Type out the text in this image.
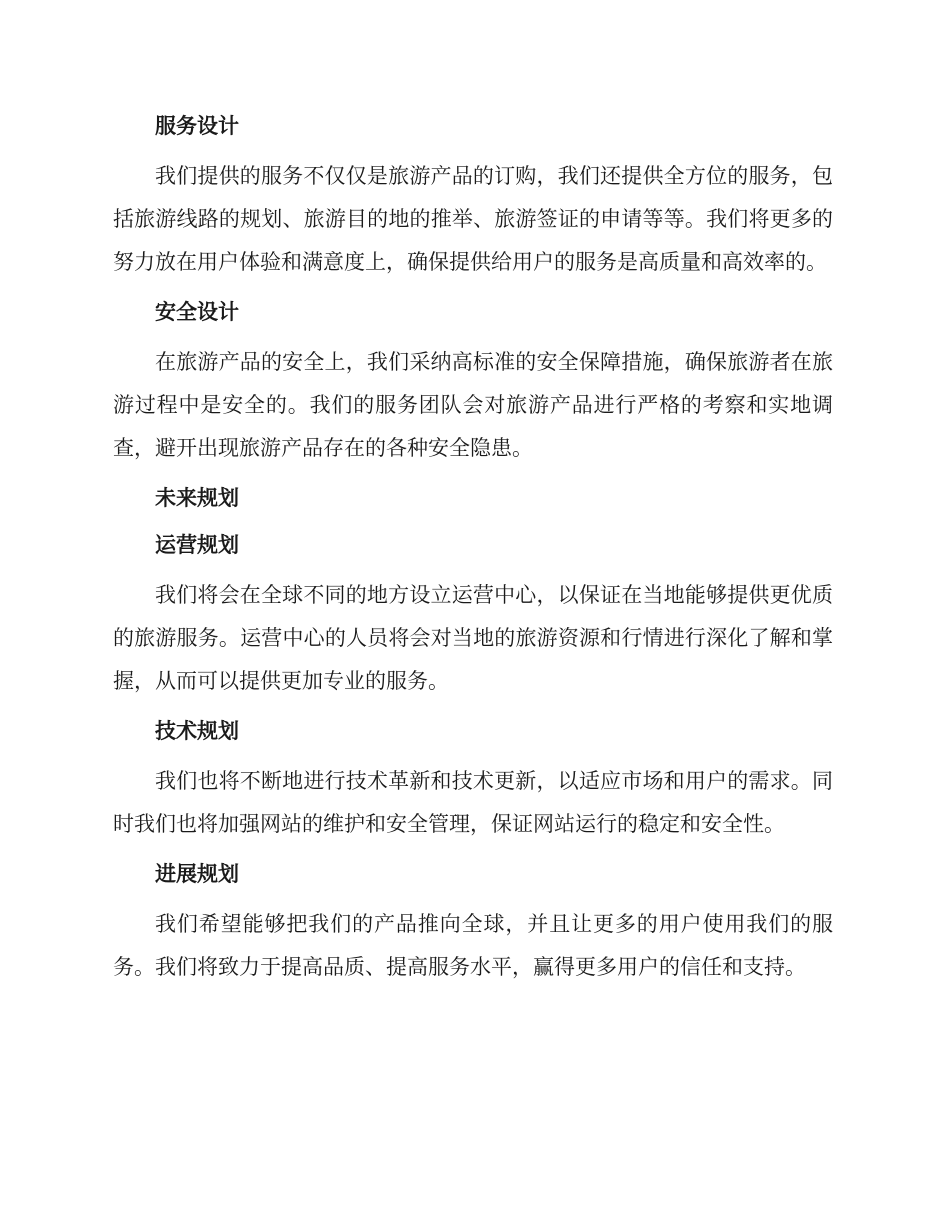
服务设计

我们提供的服务不仅仅是旅游产品的订购，我们还提供全方位的服务，包括旅游线路的规划、旅游目的地的推举、旅游签证的申请等等。我们将更多的努力放在用户体验和满意度上，确保提供给用户的服务是高质量和高效率的。

安全设计

在旅游产品的安全上，我们采纳高标准的安全保障措施，确保旅游者在旅游过程中是安全的。我们的服务团队会对旅游产品进行严格的考察和实地调查，避开出现旅游产品存在的各种安全隐患。

未来规划
运营规划

我们将会在全球不同的地方设立运营中心，以保证在当地能够提供更优质的旅游服务。运营中心的人员将会对当地的旅游资源和行情进行深化了解和掌握，从而可以提供更加专业的服务。

技术规划

我们也将不断地进行技术革新和技术更新，以适应市场和用户的需求。同时我们也将加强网站的维护和安全管理，保证网站运行的稳定和安全性。

进展规划

我们希望能够把我们的产品推向全球，并且让更多的用户使用我们的服务。我们将致力于提高品质、提高服务水平，赢得更多用户的信任和支持。
